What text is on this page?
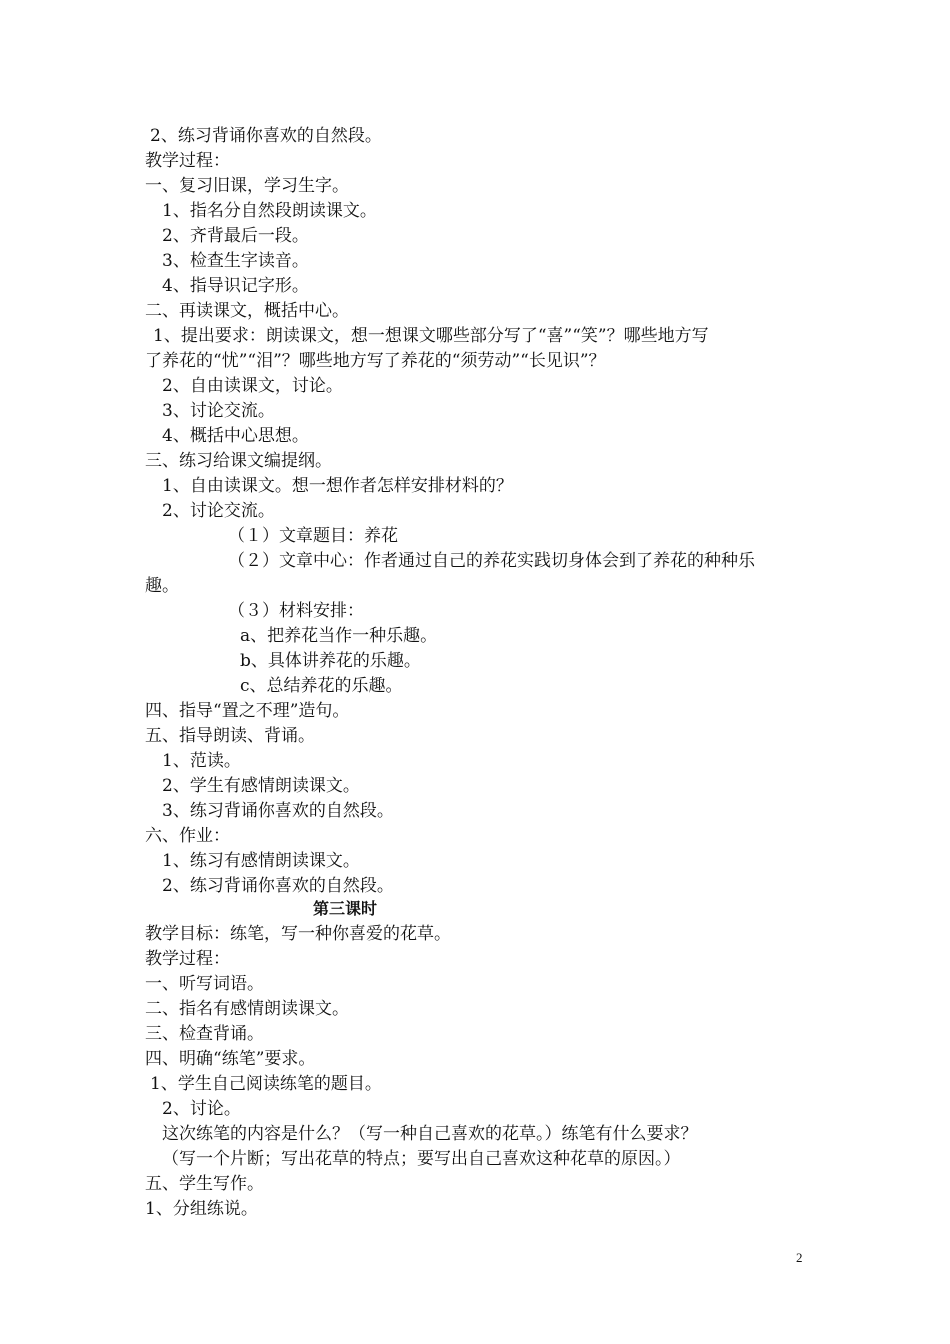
2、练习背诵你喜欢的自然段。
教学过程：
一、复习旧课，学习生字。
1、指名分自然段朗读课文。
2、齐背最后一段。
3、检查生字读音。
4、指导识记字形。
二、再读课文，概括中心。
1、提出要求：朗读课文，想一想课文哪些部分写了“喜”“笑”？哪些地方写
了养花的“忧”“泪”？哪些地方写了养花的“须劳动”“长见识”？
2、自由读课文，讨论。
3、讨论交流。
4、概括中心思想。
三、练习给课文编提纲。
1、自由读课文。想一想作者怎样安排材料的？
2、讨论交流。
（１）文章题目：养花
（２）文章中心：作者通过自己的养花实践切身体会到了养花的种种乐
趣。
（３）材料安排：
a、把养花当作一种乐趣。
b、具体讲养花的乐趣。
c、总结养花的乐趣。
四、指导“置之不理”造句。
五、指导朗读、背诵。
1、范读。
2、学生有感情朗读课文。
3、练习背诵你喜欢的自然段。
六、作业：
1、练习有感情朗读课文。
2、练习背诵你喜欢的自然段。
第三课时
教学目标：练笔，写一种你喜爱的花草。
教学过程：
一、听写词语。
二、指名有感情朗读课文。
三、检查背诵。
四、明确“练笔”要求。
1、学生自己阅读练笔的题目。
2、讨论。
这次练笔的内容是什么？（写一种自己喜欢的花草。）练笔有什么要求？
（写一个片断；写出花草的特点；要写出自己喜欢这种花草的原因。）
五、学生写作。
1、分组练说。
2
